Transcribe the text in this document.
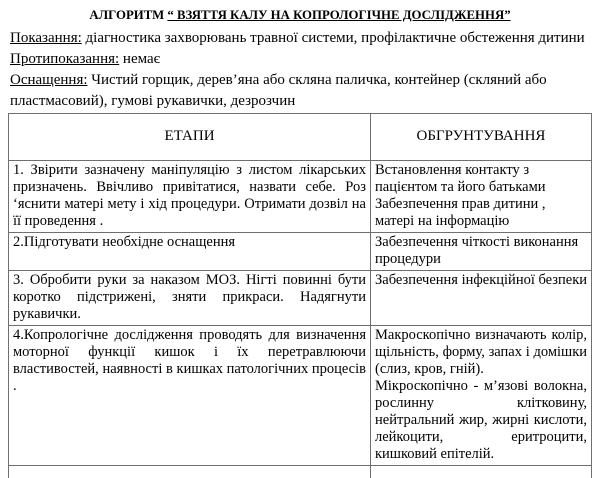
АЛГОРИТМ “ ВЗЯТТЯ КАЛУ НА КОПРОЛОГІЧНЕ ДОСЛІДЖЕННЯ”

Показання: діагностика захворювань травної системи, профілактичне обстеження дитини

Протипоказання: немає

Оснащення: Чистий горщик, дерев’яна або скляна паличка, контейнер (скляний або пластмасовий), гумові рукавички, дезрозчин

ЕТАПИ	ОБГРУНТУВАННЯ
1. Звірити зазначену маніпуляцію з листом лікарських призначень. Ввічливо привітатися, назвати себе. Роз ‘яснити матері мету і хід процедури. Отримати дозвіл на її проведення .	Встановлення контакту з пацієнтом та його батьками
Забезпечення прав дитини , матері на інформацію

2.Підготувати необхідне оснащення	Забезпечення чіткості виконання процедури

3. Обробити руки за наказом МОЗ. Нігті повинні бути коротко підстрижені, зняти прикраси. Надягнути рукавички.	Забезпечення інфекційної безпеки

4.Копрологічне дослідження проводять для визначення моторної функції кишок і їх перетравлюючи властивостей, наявності в кишках патологічних процесів .	Макроскопічно визначають колір, щільність, форму, запах і домішки (слиз, кров, гній).
Мікроскопічно - м’язові волокна, рослинну клітковину, нейтральний жир, жирні кислоти, лейкоцити, еритроцити, кишковий епітелій.
